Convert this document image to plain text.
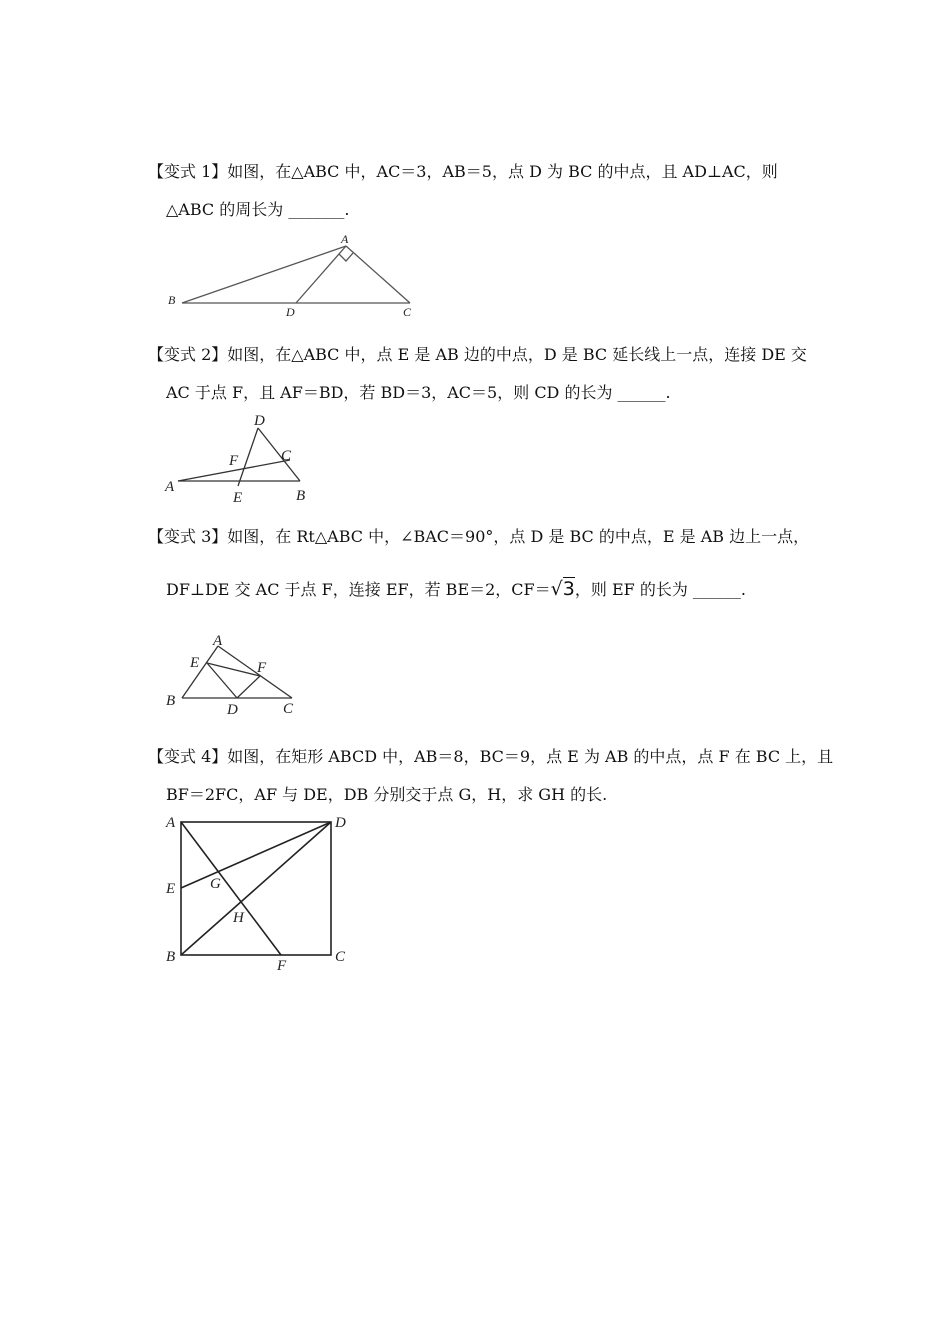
【变式 1】如图，在△ABC 中，AC＝3，AB＝5，点 D 为 BC 的中点，且 AD⊥AC，则
△ABC 的周长为 _______.
A
B
C
D
【变式 2】如图，在△ABC 中，点 E 是 AB 边的中点，D 是 BC 延长线上一点，连接 DE 交
AC 于点 F，且 AF＝BD，若 BD＝3，AC＝5，则 CD 的长为 ______.
D
F	C
A
E	B
【变式 3】如图，在 Rt△ABC 中，∠BAC＝90°，点 D 是 BC 的中点，E 是 AB 边上一点，
DF⊥DE 交 AC 于点 F，连接 EF，若 BE＝2，CF＝√3，则 EF 的长为 ______.
A
E	F
B
D	C
【变式 4】如图，在矩形 ABCD 中，AB＝8，BC＝9，点 E 为 AB 的中点，点 F 在 BC 上，且
BF＝2FC，AF 与 DE，DB 分别交于点 G，H，求 GH 的长.
A	D
E G
H
B
F
C
